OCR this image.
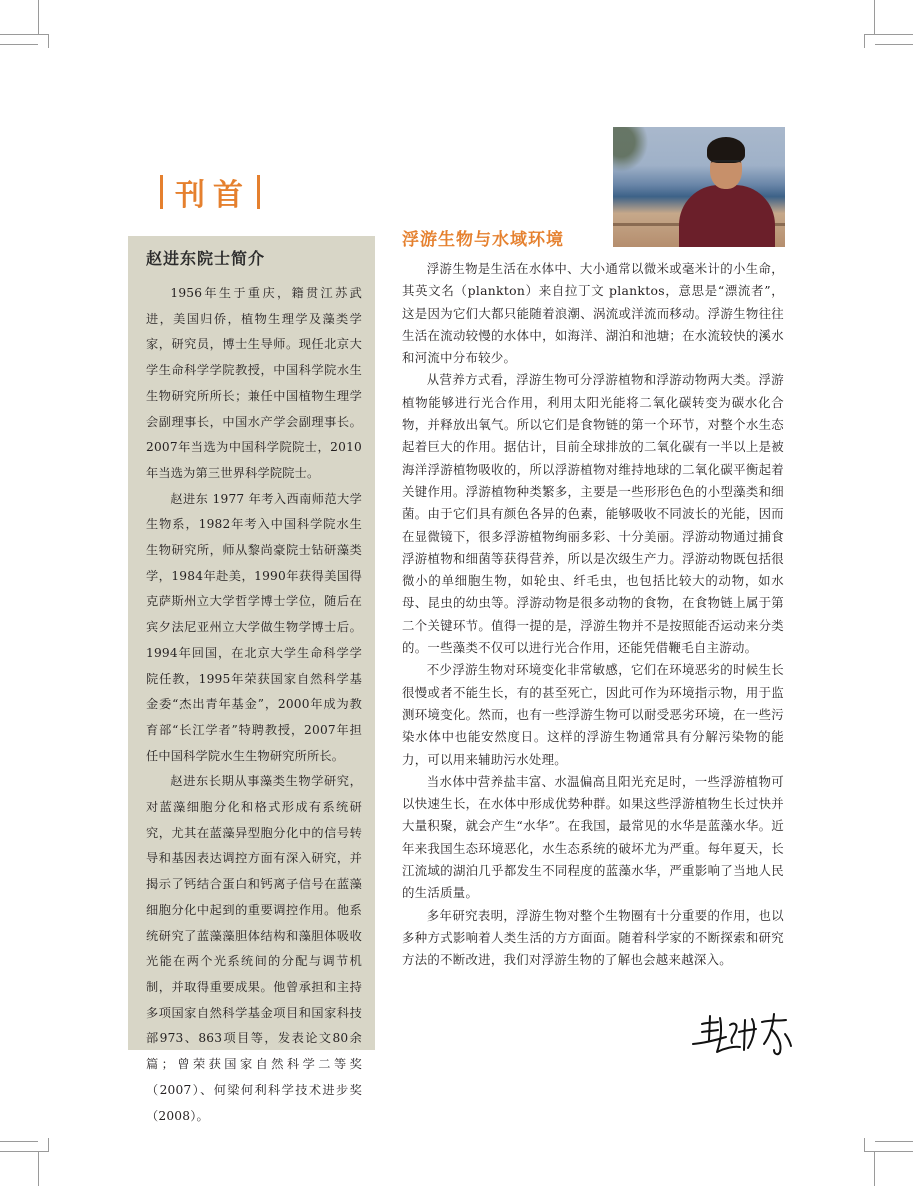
刊首
赵进东院士简介

1956年生于重庆，籍贯江苏武进，美国归侨，植物生理学及藻类学家，研究员，博士生导师。现任北京大学生命科学学院教授，中国科学院水生生物研究所所长；兼任中国植物生理学会副理事长，中国水产学会副理事长。2007年当选为中国科学院院士，2010年当选为第三世界科学院院士。

赵进东 1977 年考入西南师范大学生物系，1982年考入中国科学院水生生物研究所，师从黎尚豪院士钻研藻类学，1984年赴美，1990年获得美国得克萨斯州立大学哲学博士学位，随后在宾夕法尼亚州立大学做生物学博士后。1994年回国，在北京大学生命科学学院任教，1995年荣获国家自然科学基金委“杰出青年基金”，2000年成为教育部“长江学者”特聘教授，2007年担任中国科学院水生生物研究所所长。

赵进东长期从事藻类生物学研究，对蓝藻细胞分化和格式形成有系统研究，尤其在蓝藻异型胞分化中的信号转导和基因表达调控方面有深入研究，并揭示了钙结合蛋白和钙离子信号在蓝藻细胞分化中起到的重要调控作用。他系统研究了蓝藻藻胆体结构和藻胆体吸收光能在两个光系统间的分配与调节机制，并取得重要成果。他曾承担和主持多项国家自然科学基金项目和国家科技部973、863项目等，发表论文80余篇；曾荣获国家自然科学二等奖（2007）、何梁何利科学技术进步奖（2008）。

浮游生物与水域环境

浮游生物是生活在水体中、大小通常以微米或毫米计的小生命，其英文名（plankton）来自拉丁文 planktos，意思是“漂流者”，这是因为它们大都只能随着浪潮、涡流或洋流而移动。浮游生物往往生活在流动较慢的水体中，如海洋、湖泊和池塘；在水流较快的溪水和河流中分布较少。

从营养方式看，浮游生物可分浮游植物和浮游动物两大类。浮游植物能够进行光合作用，利用太阳光能将二氧化碳转变为碳水化合物，并释放出氧气。所以它们是食物链的第一个环节，对整个水生态起着巨大的作用。据估计，目前全球排放的二氧化碳有一半以上是被海洋浮游植物吸收的，所以浮游植物对维持地球的二氧化碳平衡起着关键作用。浮游植物种类繁多，主要是一些形形色色的小型藻类和细菌。由于它们具有颜色各异的色素，能够吸收不同波长的光能，因而在显微镜下，很多浮游植物绚丽多彩、十分美丽。浮游动物通过捕食浮游植物和细菌等获得营养，所以是次级生产力。浮游动物既包括很微小的单细胞生物，如轮虫、纤毛虫，也包括比较大的动物，如水母、昆虫的幼虫等。浮游动物是很多动物的食物，在食物链上属于第二个关键环节。值得一提的是，浮游生物并不是按照能否运动来分类的。一些藻类不仅可以进行光合作用，还能凭借鞭毛自主游动。

不少浮游生物对环境变化非常敏感，它们在环境恶劣的时候生长很慢或者不能生长，有的甚至死亡，因此可作为环境指示物，用于监测环境变化。然而，也有一些浮游生物可以耐受恶劣环境，在一些污染水体中也能安然度日。这样的浮游生物通常具有分解污染物的能力，可以用来辅助污水处理。

当水体中营养盐丰富、水温偏高且阳光充足时，一些浮游植物可以快速生长，在水体中形成优势种群。如果这些浮游植物生长过快并大量积聚，就会产生“水华”。在我国，最常见的水华是蓝藻水华。近年来我国生态环境恶化，水生态系统的破坏尤为严重。每年夏天，长江流域的湖泊几乎都发生不同程度的蓝藻水华，严重影响了当地人民的生活质量。

多年研究表明，浮游生物对整个生物圈有十分重要的作用，也以多种方式影响着人类生活的方方面面。随着科学家的不断探索和研究方法的不断改进，我们对浮游生物的了解也会越来越深入。
